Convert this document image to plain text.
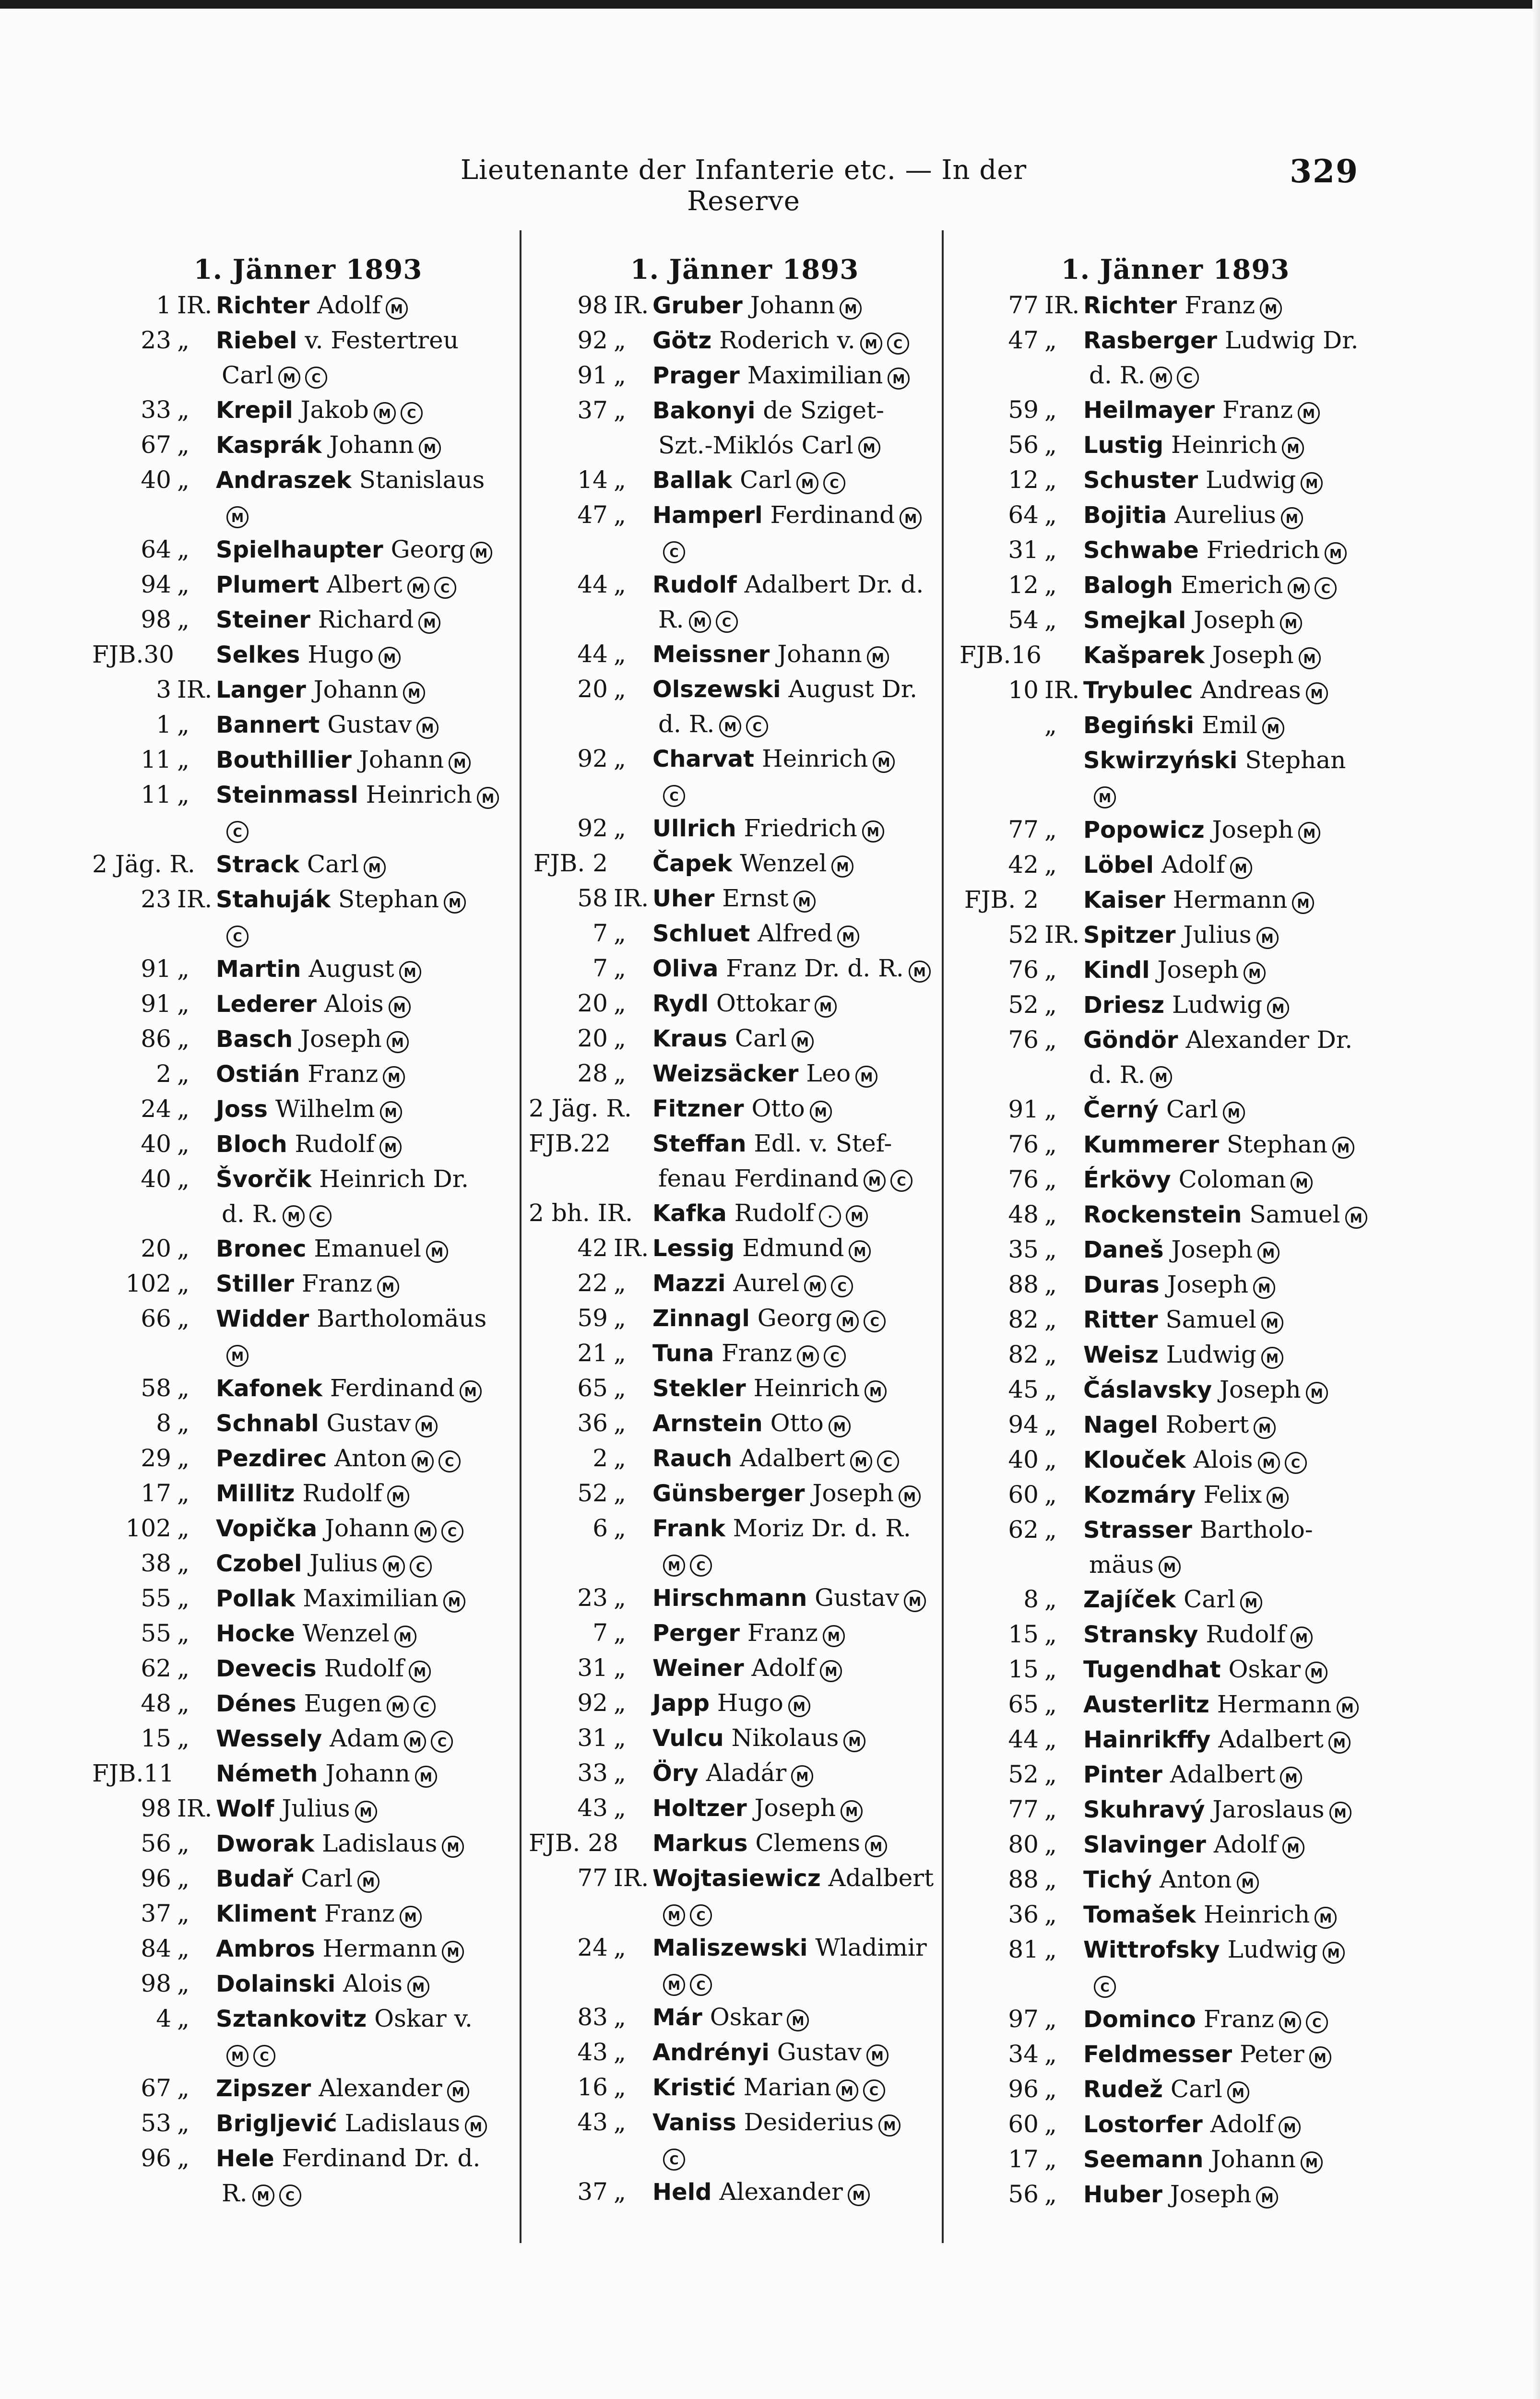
Lieutenante der Infanterie etc. — In der Reserve
329
1. Jänner 1893
1 IR. Richter Adolf M
23 „	Riebel v. Festertreu
Carl M C
33 „	Krepil Jakob M	C
67 „	Kasprák Johann M
40 „	Andraszek Stanislaus
M
64 „	Spielhaupter Georg M
94 „	Plumert Albert M	C
98 „	Steiner Richard M
FJB.30 Selkes Hugo M
3 IR. Langer Johann M
1 „	Bannert Gustav M
11 „	Bouthillier Johann M
11 „	Steinmassl Heinrich M
C
2 Jäg. R. Strack Carl M
23 IR. Stahuják Stephan M
C
91 „	Martin August M
91 „	Lederer Alois M
86 „	Basch Joseph M
2 „	Ostián Franz M
24 „	Joss Wilhelm M
40 „	Bloch Rudolf M
40 „	Švorčik Heinrich Dr.
d. R. M C
20 „	Bronec Emanuel M
102 „	Stiller Franz M
66 „	Widder Bartholomäus
M
58 „	Kafonek Ferdinand M
8 „	Schnabl Gustav M
29 „	Pezdirec Anton M	C
17 „	Millitz Rudolf M
102 „	Vopička Johann M	C
38 „	Czobel Julius M	C
55 „	Pollak Maximilian M
55 „	Hocke Wenzel M
62 „	Devecis Rudolf M
48 „	Dénes Eugen M	C
15 „	Wessely Adam M	C
FJB.11 Németh Johann M
98 IR. Wolf Julius M
56 „	Dworak Ladislaus M
96 „	Budař Carl M
37 „	Kliment Franz M
84 „	Ambros Hermann M
98 „	Dolainski Alois M
4 „	Sztankovitz Oskar v.
M C
67 „	Zipszer Alexander M
53 „	Brigljević Ladislaus M
96 „	Hele Ferdinand Dr. d.
R. M C
1. Jänner 1893
98 IR. Gruber Johann M
92 „	Götz Roderich v. M	C
91 „	Prager Maximilian M
37 „	Bakonyi de Sziget-
Szt.-Miklós Carl M
14 „	Ballak Carl M	C
47 „	Hamperl Ferdinand M
C
44 „	Rudolf Adalbert Dr. d.
R. M C
44 „	Meissner Johann M
20 „	Olszewski August Dr.
d. R. M C
92 „	Charvat Heinrich M
C
92 „	Ullrich Friedrich M
FJB. 2 Čapek Wenzel M
58 IR. Uher Ernst M
7 „	Schluet Alfred M
7 „	Oliva Franz Dr. d. R. M
20 „	Rydl Ottokar M
20 „	Kraus Carl M
28 „	Weizsäcker Leo M
2 Jäg. R. Fitzner Otto M
FJB.22 Steffan Edl. v. Stef-
fenau Ferdinand M C
2 bh. IR. Kafka Rudolf	·	M
42 IR. Lessig Edmund M
22 „	Mazzi Aurel M	C
59 „	Zinnagl Georg M	C
21 „	Tuna Franz M	C
65 „	Stekler Heinrich M
36 „	Arnstein Otto M
2 „	Rauch Adalbert M	C
52 „	Günsberger Joseph M
6 „	Frank Moriz Dr. d. R.
M C
23 „	Hirschmann Gustav M
7 „	Perger Franz M
31 „	Weiner Adolf M
92 „	Japp Hugo M
31 „	Vulcu Nikolaus M
33 „	Öry Aladár M
43 „	Holtzer Joseph M
FJB. 28 Markus Clemens M
77 IR. Wojtasiewicz Adalbert
M C
24 „	Maliszewski Wladimir
M C
83 „	Már Oskar M
43 „	Andrényi Gustav M
16 „	Kristić Marian M	C
43 „	Vaniss Desiderius M
C
37 „	Held Alexander M
1. Jänner 1893
77 IR. Richter Franz M
47 „	Rasberger Ludwig Dr.
d. R. M C
59 „	Heilmayer Franz M
56 „	Lustig Heinrich M
12 „	Schuster Ludwig M
64 „	Bojitia Aurelius M
31 „	Schwabe Friedrich M
12 „	Balogh Emerich M	C
54 „	Smejkal Joseph M
FJB.16 Kašparek Joseph M
10 IR. Trybulec Andreas M
„	Begiński Emil M
Skwirzyński Stephan
M
77 „	Popowicz Joseph M
42 „	Löbel Adolf M
FJB. 2 Kaiser Hermann M
52 IR. Spitzer Julius M
76 „	Kindl Joseph M
52 „	Driesz Ludwig M
76 „	Göndör Alexander Dr.
d. R. M
91 „	Černý Carl M
76 „	Kummerer Stephan M
76 „	Érkövy Coloman M
48 „	Rockenstein Samuel M
35 „	Daneš Joseph M
88 „	Duras Joseph M
82 „	Ritter Samuel M
82 „	Weisz Ludwig M
45 „	Čáslavsky Joseph M
94 „	Nagel Robert M
40 „	Klouček Alois M	C
60 „	Kozmáry Felix M
62 „	Strasser Bartholo-
mäus M
8 „	Zajíček Carl M
15 „	Stransky Rudolf M
15 „	Tugendhat Oskar M
65 „	Austerlitz Hermann M
44 „	Hainrikffy Adalbert M
52 „	Pinter Adalbert M
77 „	Skuhravý Jaroslaus M
80 „	Slavinger Adolf M
88 „	Tichý Anton M
36 „	Tomašek Heinrich M
81 „	Wittrofsky Ludwig M
C
97 „	Dominco Franz M	C
34 „	Feldmesser Peter M
96 „	Rudež Carl M
60 „	Lostorfer Adolf M
17 „	Seemann Johann M
56 „	Huber Joseph M
